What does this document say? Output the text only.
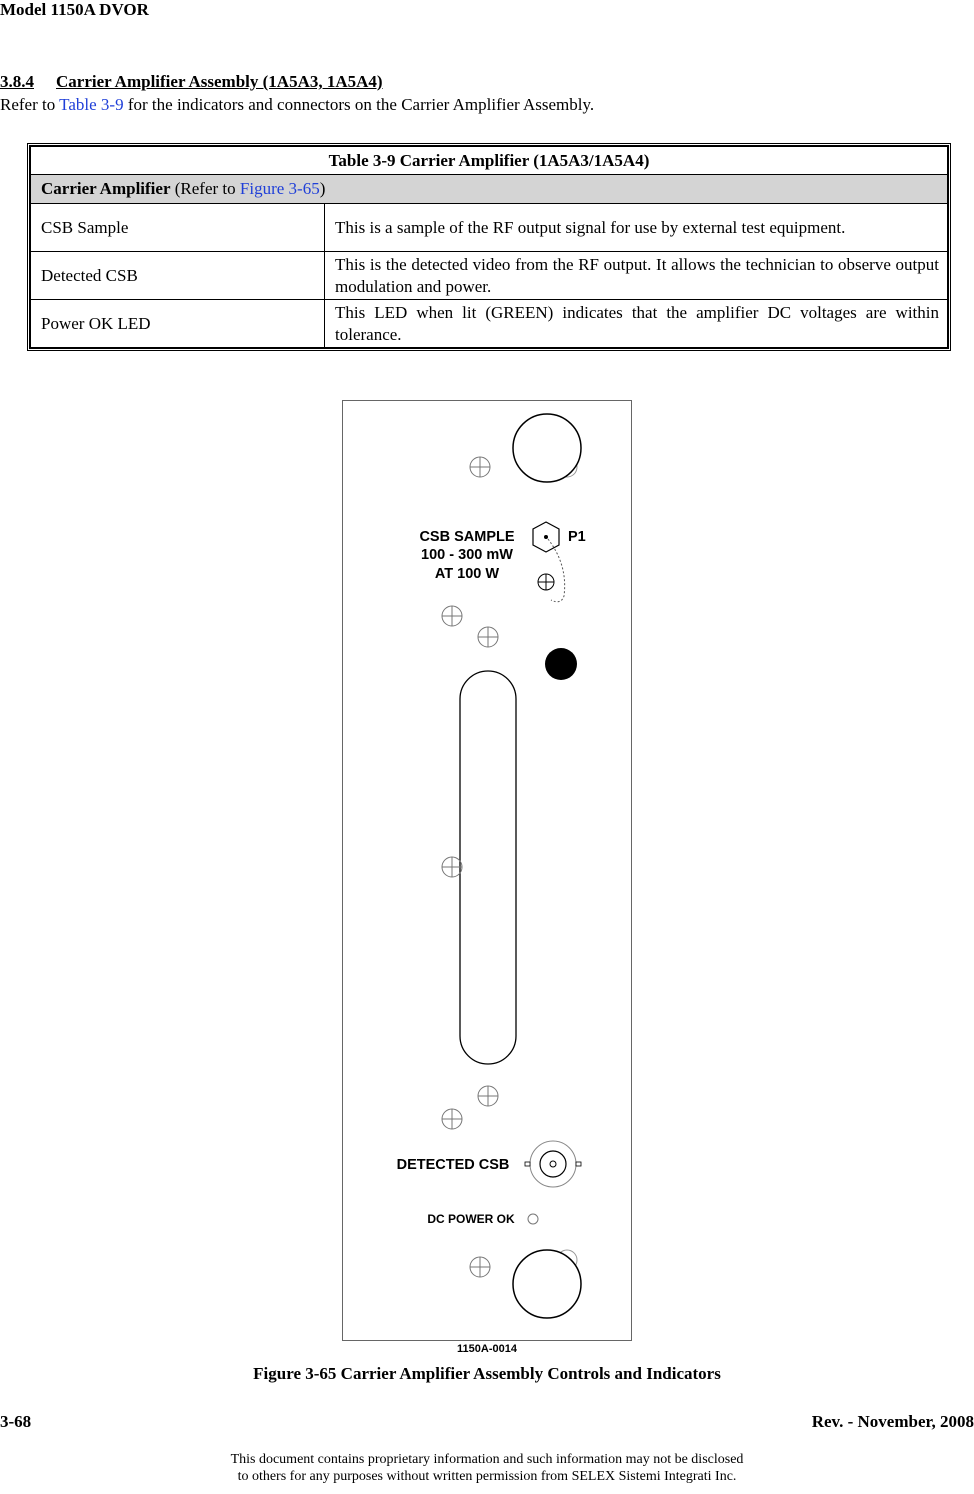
Model 1150A DVOR
3.8.4 Carrier Amplifier Assembly (1A5A3, 1A5A4)
Refer to Table 3-9 for the indicators and connectors on the Carrier Amplifier Assembly.
Table 3-9 Carrier Amplifier (1A5A3/1A5A4)	
Carrier Amplifier (Refer to Figure 3-65)	
CSB Sample	This is a sample of the RF output signal for use by external test equipment.
Detected CSB	This is the detected video from the RF output. It allows the technician to observe output modulation and power.
Power OK LED	This LED when lit (GREEN) indicates that the amplifier DC voltages are within tolerance.
CSB SAMPLE
100 - 300 mW
AT 100 W
P1
DETECTED CSB
DC POWER OK
1150A-0014
Figure 3-65 Carrier Amplifier Assembly Controls and Indicators
3-68	Rev. - November, 2008
This document contains proprietary information and such information may not be disclosed
to others for any purposes without written permission from SELEX Sistemi Integrati Inc.
